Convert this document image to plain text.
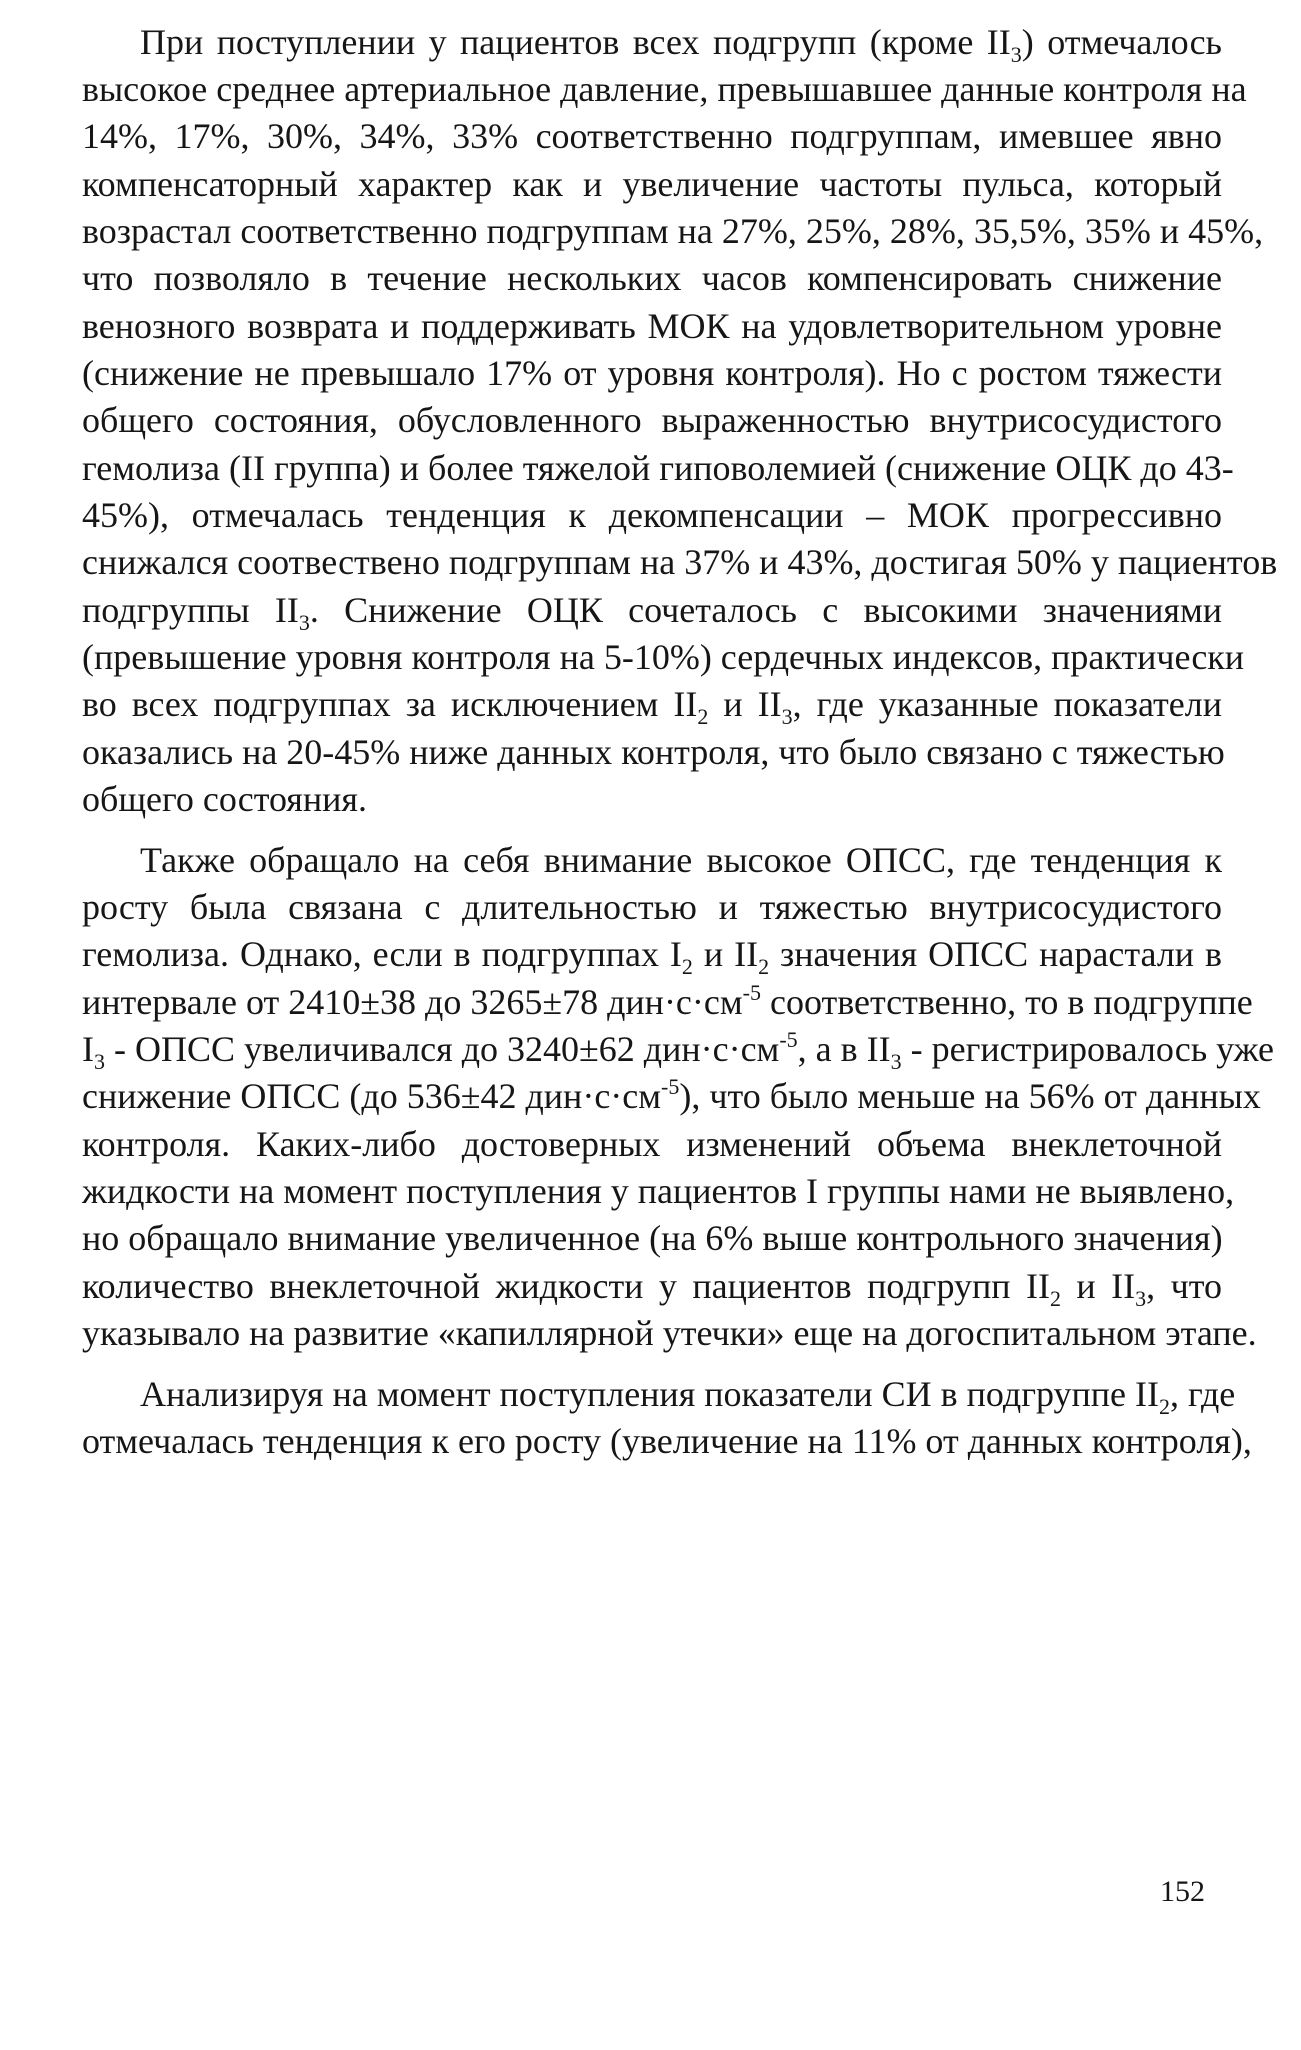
При поступлении у пациентов всех подгрупп (кроме $II_3$) отмечалось
высокое среднее артериальное давление, превышавшее данные контроля на
14%, 17%, 30%, 34%, 33% соответственно подгруппам, имевшее явно
компенсаторный характер как и увеличение частоты пульса, который
возрастал соответственно подгруппам на 27%, 25%, 28%, 35,5%, 35% и 45%,
что позволяло в течение нескольких часов компенсировать снижение
венозного возврата и поддерживать МОК на удовлетворительном уровне
(снижение не превышало 17% от уровня контроля). Но с ростом тяжести
общего состояния, обусловленного выраженностью внутрисосудистого
гемолиза (II группа) и более тяжелой гиповолемией (снижение ОЦК до 43-
45%), отмечалась тенденция к декомпенсации – МОК прогрессивно
снижался соотвествено подгруппам на 37% и 43%, достигая 50% у пациентов
подгруппы $II_3$. Снижение ОЦК сочеталось с высокими значениями
(превышение уровня контроля на 5-10%) сердечных индексов, практически
во всех подгруппах за исключением $II_2$ и $II_3$, где указанные показатели
оказались на 20-45% ниже данных контроля, что было связано с тяжестью
общего состояния.
Также обращало на себя внимание высокое ОПСС, где тенденция к
росту была связана с длительностью и тяжестью внутрисосудистого
гемолиза. Однако, если в подгруппах $I_2$ и $II_2$ значения ОПСС нарастали в
интервале от 2410±38 до 3265±78 $дин\cdot с\cdot см^{-5}$ соответственно, то в подгруппе
$I_3$ - ОПСС увеличивался до 3240±62 $дин\cdot с\cdot см^{-5}$, а в $II_3$ - регистрировалось уже
снижение ОПСС (до 536±42 $дин\cdot с\cdot см^{-5}$), что было меньше на 56% от данных
контроля. Каких-либо достоверных изменений объема внеклеточной
жидкости на момент поступления у пациентов I группы нами не выявлено,
но обращало внимание увеличенное (на 6% выше контрольного значения)
количество внеклеточной жидкости у пациентов подгрупп $II_2$ и $II_3$, что
указывало на развитие «капиллярной утечки» еще на догоспитальном этапе.
Анализируя на момент поступления показатели СИ в подгруппе $II_2$, где
отмечалась тенденция к его росту (увеличение на 11% от данных контроля),
152
